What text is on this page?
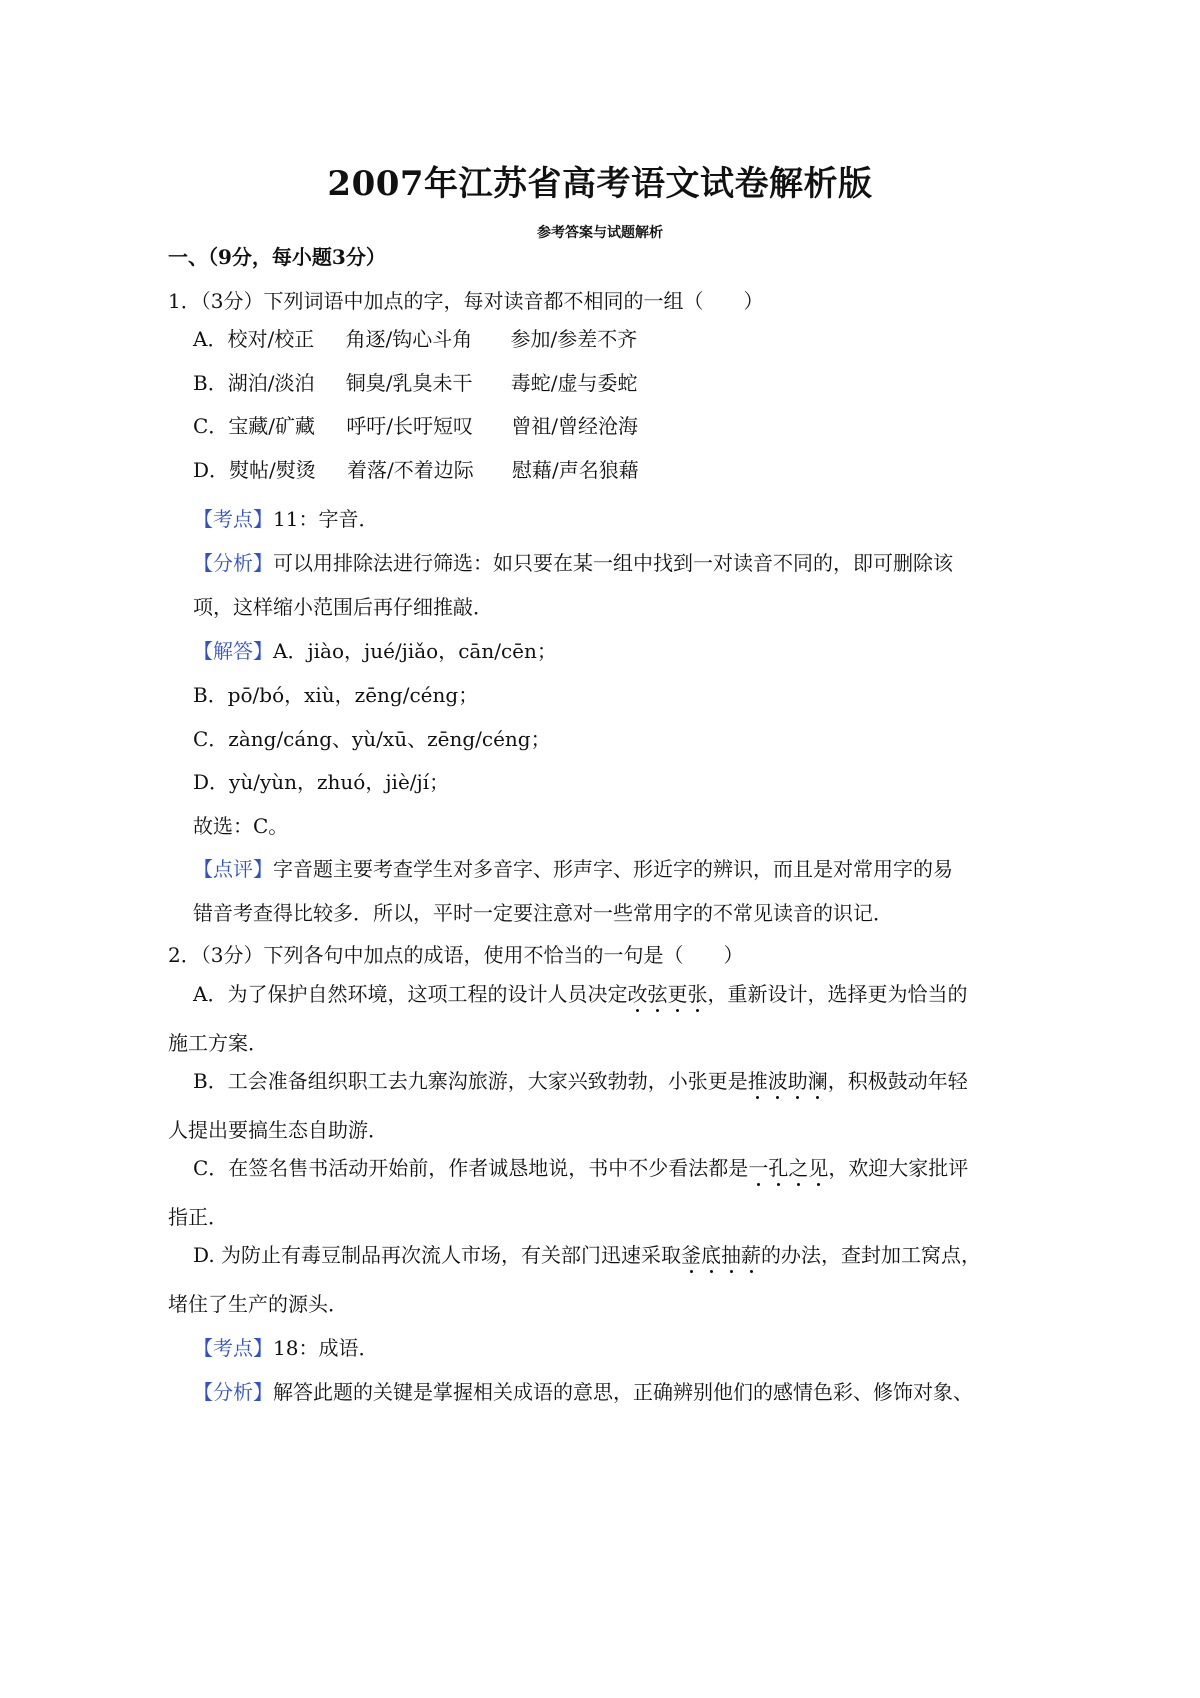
2007年江苏省高考语文试卷解析版
参考答案与试题解析
一、（9分，每小题3分）
1．（3分）下列词语中加点的字，每对读音都不相同的一组（　　）
A．校对/校正 角逐/钩心斗角 参加/参差不齐
B．湖泊/淡泊 铜臭/乳臭未干 毒蛇/虚与委蛇
C．宝藏/矿藏 呼吁/长吁短叹 曾祖/曾经沧海
D．熨帖/熨烫 着落/不着边际 慰藉/声名狼藉
【考点】11：字音．
【分析】可以用排除法进行筛选：如只要在某一组中找到一对读音不同的，即可删除该
项，这样缩小范围后再仔细推敲．
【解答】A．jiào，jué/jiǎo，cān/cēn；
B．pō/bó，xiù，zēng/céng；
C．zàng/cáng、yù/xū、zēng/céng；
D．yù/yùn，zhuó，jiè/jí；
故选：C。
【点评】字音题主要考查学生对多音字、形声字、形近字的辨识，而且是对常用字的易
错音考查得比较多．所以，平时一定要注意对一些常用字的不常见读音的识记．
2．（3分）下列各句中加点的成语，使用不恰当的一句是（　　）
A．为了保护自然环境，这项工程的设计人员决定改弦更张，重新设计，选择更为恰当的
施工方案．
B．工会准备组织职工去九寨沟旅游，大家兴致勃勃，小张更是推波助澜，积极鼓动年轻
人提出要搞生态自助游．
C．在签名售书活动开始前，作者诚恳地说，书中不少看法都是一孔之见，欢迎大家批评
指正．
D. 为防止有毒豆制品再次流人市场，有关部门迅速采取釜底抽薪的办法，查封加工窝点，
堵住了生产的源头．
【考点】18：成语．
【分析】解答此题的关键是掌握相关成语的意思，正确辨别他们的感情色彩、修饰对象、
